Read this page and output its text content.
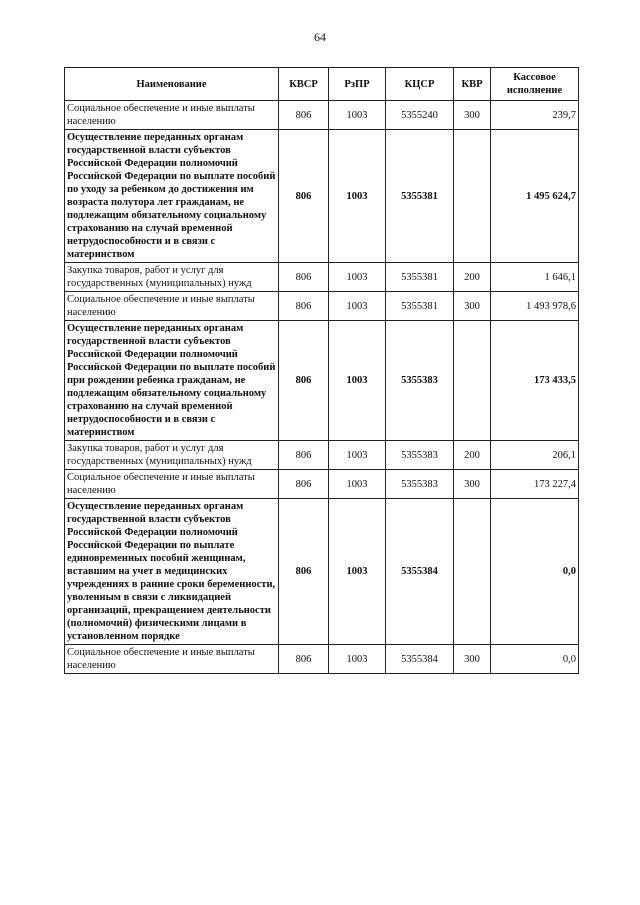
64
Наименование	КВСР	РзПР	КЦСР	КВР	Кассовое исполнение
Социальное обеспечение и иные выплаты населению	806	1003	5355240	300	239,7
Осуществление переданных органам государственной власти субъектов Российской Федерации полномочий Российской Федерации по выплате пособий по уходу за ребенком до достижения им возраста полутора лет гражданам, не подлежащим обязательному социальному страхованию на случай временной нетрудоспособности и в связи с материнством	806	1003	5355381		1 495 624,7
Закупка товаров, работ и услуг для государственных (муниципальных) нужд	806	1003	5355381	200	1 646,1
Социальное обеспечение и иные выплаты населению	806	1003	5355381	300	1 493 978,6
Осуществление переданных органам государственной власти субъектов Российской Федерации полномочий Российской Федерации по выплате пособий при рождении ребенка гражданам, не подлежащим обязательному социальному страхованию на случай временной нетрудоспособности и в связи с материнством	806	1003	5355383		173 433,5
Закупка товаров, работ и услуг для государственных (муниципальных) нужд	806	1003	5355383	200	206,1
Социальное обеспечение и иные выплаты населению	806	1003	5355383	300	173 227,4
Осуществление переданных органам государственной власти субъектов Российской Федерации полномочий Российской Федерации по выплате единовременных пособий женщинам, вставшим на учет в медицинских учреждениях в ранние сроки беременности, уволенным в связи с ликвидацией организаций, прекращением деятельности (полномочий) физическими лицами в установленном порядке	806	1003	5355384		0,0
Социальное обеспечение и иные выплаты населению	806	1003	5355384	300	0,0
